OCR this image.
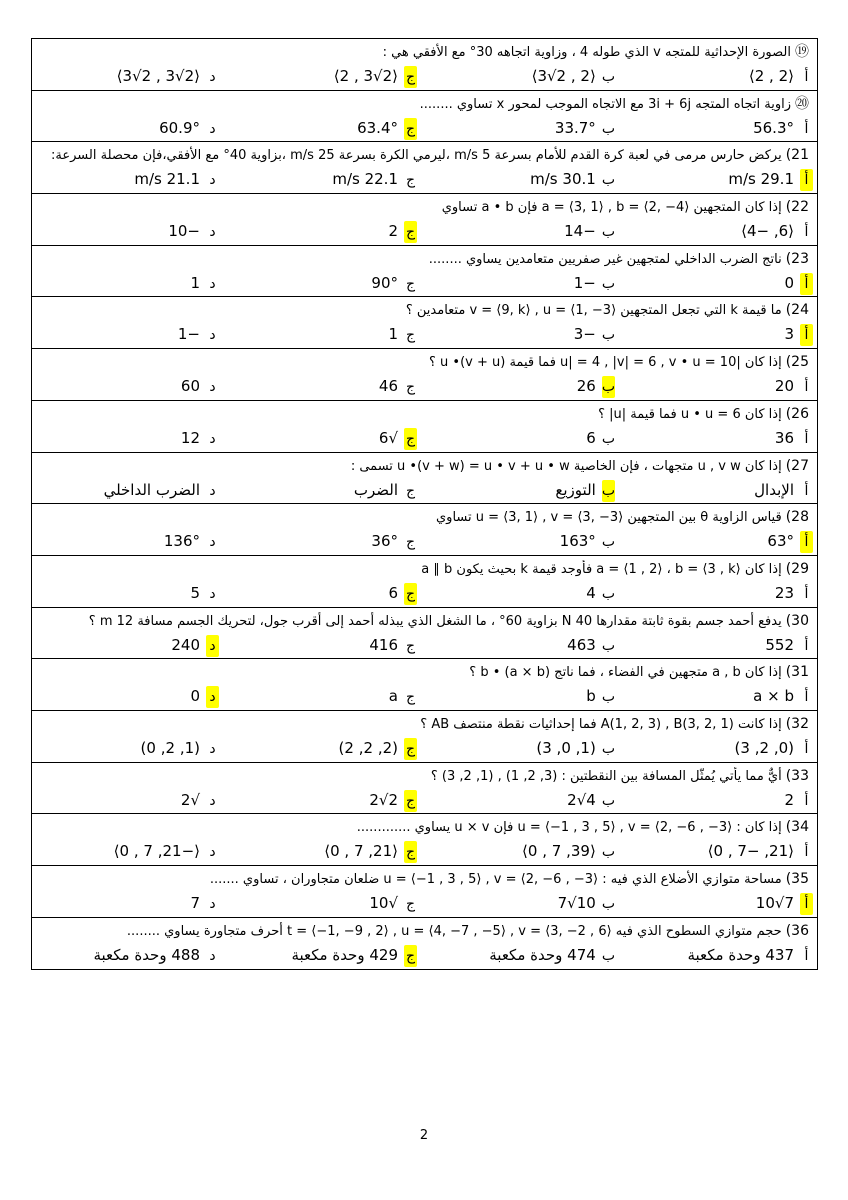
⑲الصورة الإحداثية للمتجه v الذي طوله 4 ، وزاوية اتجاهه 30° مع الأفقي هي :
أ⟨2 , 2⟩
ب⟨2 , 2√3⟩
ج⟨2√3 , 2⟩
د⟨2√3 , 2√3⟩
⑳زاوية اتجاه المتجه 3i + 6j مع الاتجاه الموجب لمحور x تساوي ........
أ56.3°
ب33.7°
ج63.4°
د60.9°
21)يركض حارس مرمى في لعبة كرة القدم للأمام بسرعة 5 m/s ،ليرمي الكرة بسرعة 25 m/s ،بزاوية 40° مع الأفقي،فإن محصلة السرعة:
أ29.1 m/s
ب30.1 m/s
ج22.1 m/s
د21.1 m/s
22)إذا كان المتجهين a = ⟨3, 1⟩ , b = ⟨2, −4⟩ فإن a • b تساوي
أ⟨6, −4⟩
ب−14
ج2
د−10
23)ناتج الضرب الداخلي لمتجهين غير صفريين متعامدين يساوي ........
أ0
ب−1
ج90°
د1
24)ما قيمة k التي تجعل المتجهين v = ⟨9, k⟩ , u = ⟨1, −3⟩ متعامدين ؟
أ3
ب−3
ج1
د−1
25)إذا كان |u| = 4 , |v| = 6 , v • u = 10 فما قيمة u •(v + u) ؟
أ20
ب26
ج46
د60
26)إذا كان u • u = 6 فما قيمة |u| ؟
أ36
ب6
ج√6
د12
27)إذا كان u , v w متجهات ، فإن الخاصية u •(v + w) = u • v + u • w تسمى :
أالإبدال
بالتوزيع
جالضرب
دالضرب الداخلي
28)قياس الزاوية θ بين المتجهين u = ⟨3, 1⟩ , v = ⟨3, −3⟩ تساوي
أ63°
ب163°
ج36°
د136°
29)إذا كان a = ⟨1 , 2⟩ ، b = ⟨3 , k⟩ فأوجد قيمة k بحيث يكون a ∥ b
أ23
ب4
ج6
د5
30)يدفع أحمد جسم بقوة ثابتة مقدارها 40 N بزاوية 60° ، ما الشغل الذي يبذله أحمد إلى أقرب جول، لتحريك الجسم مسافة 12 m ؟
أ552
ب463
ج416
د240
31)إذا كان a , b متجهين في الفضاء ، فما ناتج b • (a × b) ؟
أa × b
بb
جa
د0
32)إذا كانت A(1, 2, 3) , B(3, 2, 1) فما إحداثيات نقطة منتصف AB ؟
أ(0, 2, 3)
ب(1, 0, 3)
ج(2, 2, 2)
د(1, 2, 0)
33)أيٌّ مما يأتي يُمثّل المسافة بين النقطتين : (3, 2, 1) , (1, 2, 3) ؟
أ2
ب4√2
ج2√2
د√2
34)إذا كان : u = ⟨−1 , 3 , 5⟩ , v = ⟨2, −6 , −3⟩ فإن u × v يساوي .............
أ⟨21, −7 , 0⟩
ب⟨39, 7 , 0⟩
ج⟨21, 7 , 0⟩
د⟨−21, 7 , 0⟩
35)مساحة متوازي الأضلاع الذي فيه : u = ⟨−1 , 3 , 5⟩ , v = ⟨2, −6 , −3⟩ ضلعان متجاوران ، تساوي .......
أ7√10
ب10√7
ج√10
د7
36)حجم متوازي السطوح الذي فيه t = ⟨−1, −9 , 2⟩ , u = ⟨4, −7 , −5⟩ , v = ⟨3, −2 , 6⟩ أحرف متجاورة يساوي ........
أ437 وحدة مكعبة
ب474 وحدة مكعبة
ج429 وحدة مكعبة
د488 وحدة مكعبة
2
